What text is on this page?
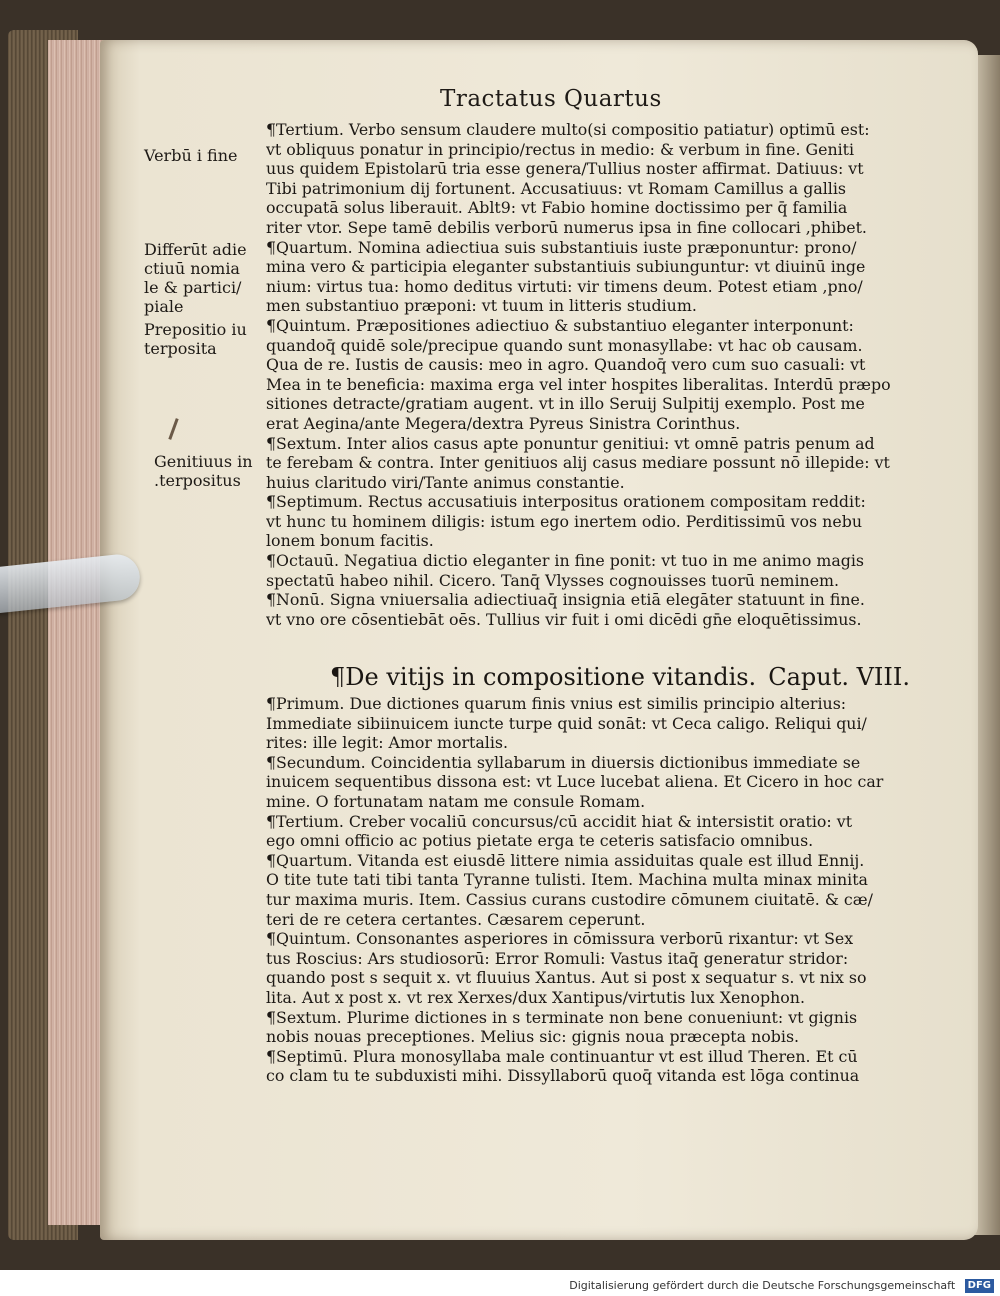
Tractatus Quartus
Verbū i fine
Differūt adie
ctiuū nomia
le & partici/
piale
Prepositio iu
terposita
Genitiuus in
.terpositus
¶Tertium. Verbo sensum claudere multo(si compositio patiatur) optimū est:
vt obliquus ponatur in principio/rectus in medio: & verbum in fine. Geniti
uus quidem Epistolarū tria esse genera/Tullius noster affirmat. Datiuus: vt
Tibi patrimonium dij fortunent. Accusatiuus: vt Romam Camillus a gallis
occupatā solus liberauit. Ablt9: vt Fabio homine doctissimo per q̄ familia
riter vtor. Sepe tamē debilis verborū numerus ipsa in fine collocari ,phibet.
¶Quartum. Nomina adiectiua suis substantiuis iuste præponuntur: prono/
mina vero & participia eleganter substantiuis subiunguntur: vt diuinū inge
nium: virtus tua: homo deditus virtuti: vir timens deum. Potest etiam ,pno/
men substantiuo præponi: vt tuum in litteris studium.
¶Quintum. Præpositiones adiectiuo & substantiuo eleganter interponunt:
quandoq̄ quidē sole/precipue quando sunt monasyllabe: vt hac ob causam.
Qua de re. Iustis de causis: meo in agro. Quandoq̄ vero cum suo casuali: vt
Mea in te beneficia: maxima erga vel inter hospites liberalitas. Interdū præpo
sitiones detracte/gratiam augent. vt in illo Seruij Sulpitij exemplo. Post me
erat Aegina/ante Megera/dextra Pyreus Sinistra Corinthus.
¶Sextum. Inter alios casus apte ponuntur genitiui: vt omnē patris penum ad
te ferebam & contra. Inter genitiuos alij casus mediare possunt nō illepide: vt
huius claritudo viri/Tante animus constantie.
¶Septimum. Rectus accusatiuis interpositus orationem compositam reddit:
vt hunc tu hominem diligis: istum ego inertem odio. Perditissimū vos nebu
lonem bonum facitis.
¶Octauū. Negatiua dictio eleganter in fine ponit: vt tuo in me animo magis
spectatū habeo nihil. Cicero. Tanq̄ Vlysses cognouisses tuorū neminem.
¶Nonū. Signa vniuersalia adiectiuaq̄ insignia etiā elegāter statuunt in fine.
vt vno ore cōsentiebāt oēs. Tullius vir fuit i omi dicēdi gn̄e eloquētissimus.
¶De vitijs in compositione vitandis. Caput. VIII.
¶Primum. Due dictiones quarum finis vnius est similis principio alterius:
Immediate sibiinuicem iuncte turpe quid sonāt: vt Ceca caligo. Reliqui qui/
rites: ille legit: Amor mortalis.
¶Secundum. Coincidentia syllabarum in diuersis dictionibus immediate se
inuicem sequentibus dissona est: vt Luce lucebat aliena. Et Cicero in hoc car
mine. O fortunatam natam me consule Romam.
¶Tertium. Creber vocaliū concursus/cū accidit hiat & intersistit oratio: vt
ego omni officio ac potius pietate erga te ceteris satisfacio omnibus.
¶Quartum. Vitanda est eiusdē littere nimia assiduitas quale est illud Ennij.
O tite tute tati tibi tanta Tyranne tulisti. Item. Machina multa minax minita
tur maxima muris. Item. Cassius curans custodire cōmunem ciuitatē. & cæ/
teri de re cetera certantes. Cæsarem ceperunt.
¶Quintum. Consonantes asperiores in cōmissura verborū rixantur: vt Sex
tus Roscius: Ars studiosorū: Error Romuli: Vastus itaq̄ generatur stridor:
quando post s sequit x. vt fluuius Xantus. Aut si post x sequatur s. vt nix so
lita. Aut x post x. vt rex Xerxes/dux Xantipus/virtutis lux Xenophon.
¶Sextum. Plurime dictiones in s terminate non bene conueniunt: vt gignis
nobis nouas preceptiones. Melius sic: gignis noua præcepta nobis.
¶Septimū. Plura monosyllaba male continuantur vt est illud Theren. Et cū
co clam tu te subduxisti mihi. Dissyllaborū quoq̄ vitanda est lōga continua
Digitalisierung gefördert durch die Deutsche Forschungsgemeinschaft DFG
